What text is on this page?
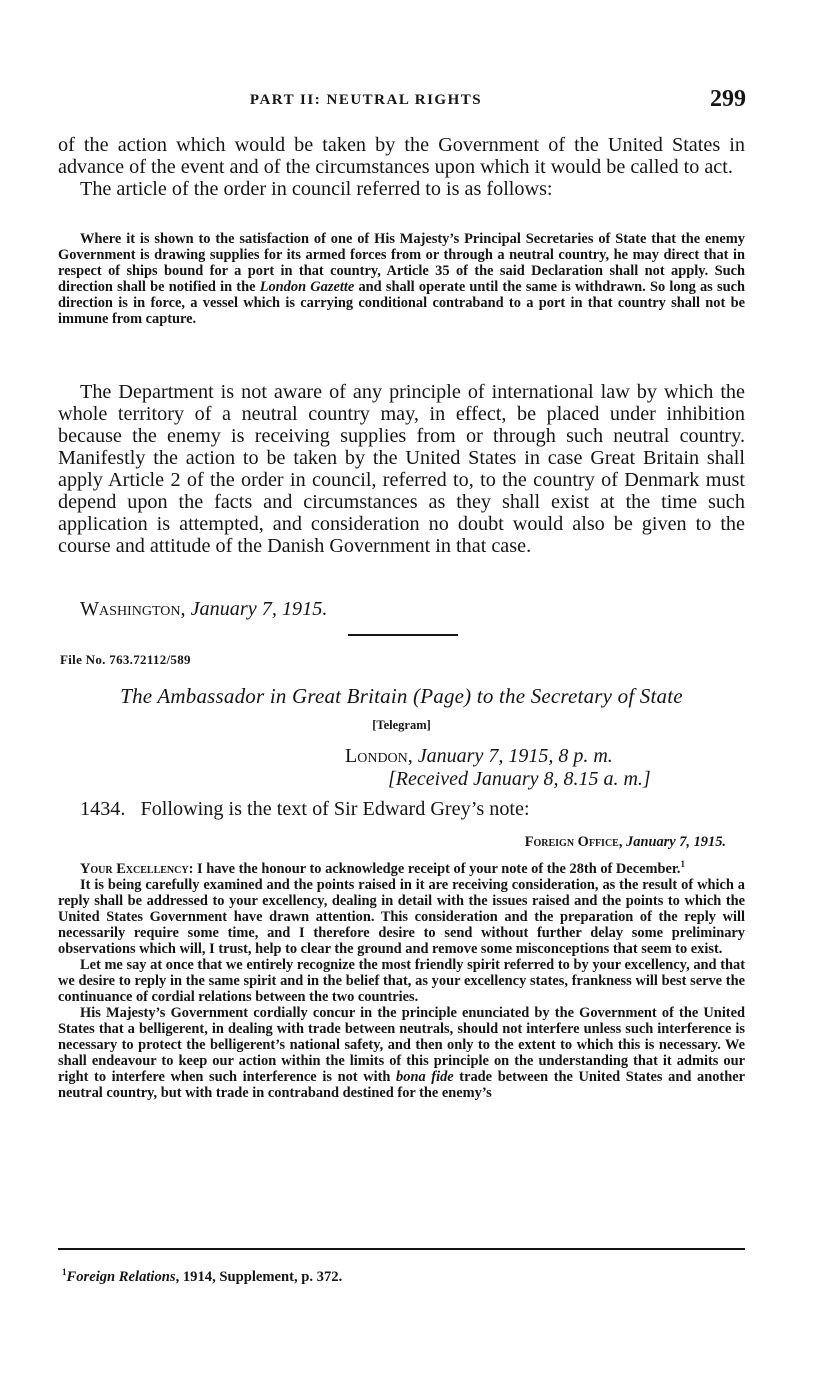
PART II: NEUTRAL RIGHTS	299

of the action which would be taken by the Government of the United States in advance of the event and of the circumstances upon which it would be called to act.

The article of the order in council referred to is as follows:

Where it is shown to the satisfaction of one of His Majesty’s Principal Secretaries of State that the enemy Government is drawing supplies for its armed forces from or through a neutral country, he may direct that in respect of ships bound for a port in that country, Article 35 of the said Declaration shall not apply. Such direction shall be notified in the London Gazette and shall operate until the same is withdrawn. So long as such direction is in force, a vessel which is carrying conditional contraband to a port in that country shall not be immune from capture.

The Department is not aware of any principle of international law by which the whole territory of a neutral country may, in effect, be placed under inhibition because the enemy is receiving supplies from or through such neutral country. Manifestly the action to be taken by the United States in case Great Britain shall apply Article 2 of the order in council, referred to, to the country of Denmark must depend upon the facts and circumstances as they shall exist at the time such application is attempted, and consideration no doubt would also be given to the course and attitude of the Danish Government in that case.

Washington, January 7, 1915.
File No. 763.72112/589
The Ambassador in Great Britain (Page) to the Secretary of State
[Telegram]
London, January 7, 1915, 8 p. m.
[Received January 8, 8.15 a. m.]
1434. Following is the text of Sir Edward Grey’s note:
Foreign Office, January 7, 1915.

Your Excellency: I have the honour to acknowledge receipt of your note of the 28th of December.$^1$

It is being carefully examined and the points raised in it are receiving consideration, as the result of which a reply shall be addressed to your excellency, dealing in detail with the issues raised and the points to which the United States Government have drawn attention. This consideration and the preparation of the reply will necessarily require some time, and I therefore desire to send without further delay some preliminary observations which will, I trust, help to clear the ground and remove some misconceptions that seem to exist.

Let me say at once that we entirely recognize the most friendly spirit referred to by your excellency, and that we desire to reply in the same spirit and in the belief that, as your excellency states, frankness will best serve the continuance of cordial relations between the two countries.

His Majesty’s Government cordially concur in the principle enunciated by the Government of the United States that a belligerent, in dealing with trade between neutrals, should not interfere unless such interference is necessary to protect the belligerent’s national safety, and then only to the extent to which this is necessary. We shall endeavour to keep our action within the limits of this principle on the understanding that it admits our right to interfere when such interference is not with bona fide trade between the United States and another neutral country, but with trade in contraband destined for the enemy’s

$^1$Foreign Relations, 1914, Supplement, p. 372.
